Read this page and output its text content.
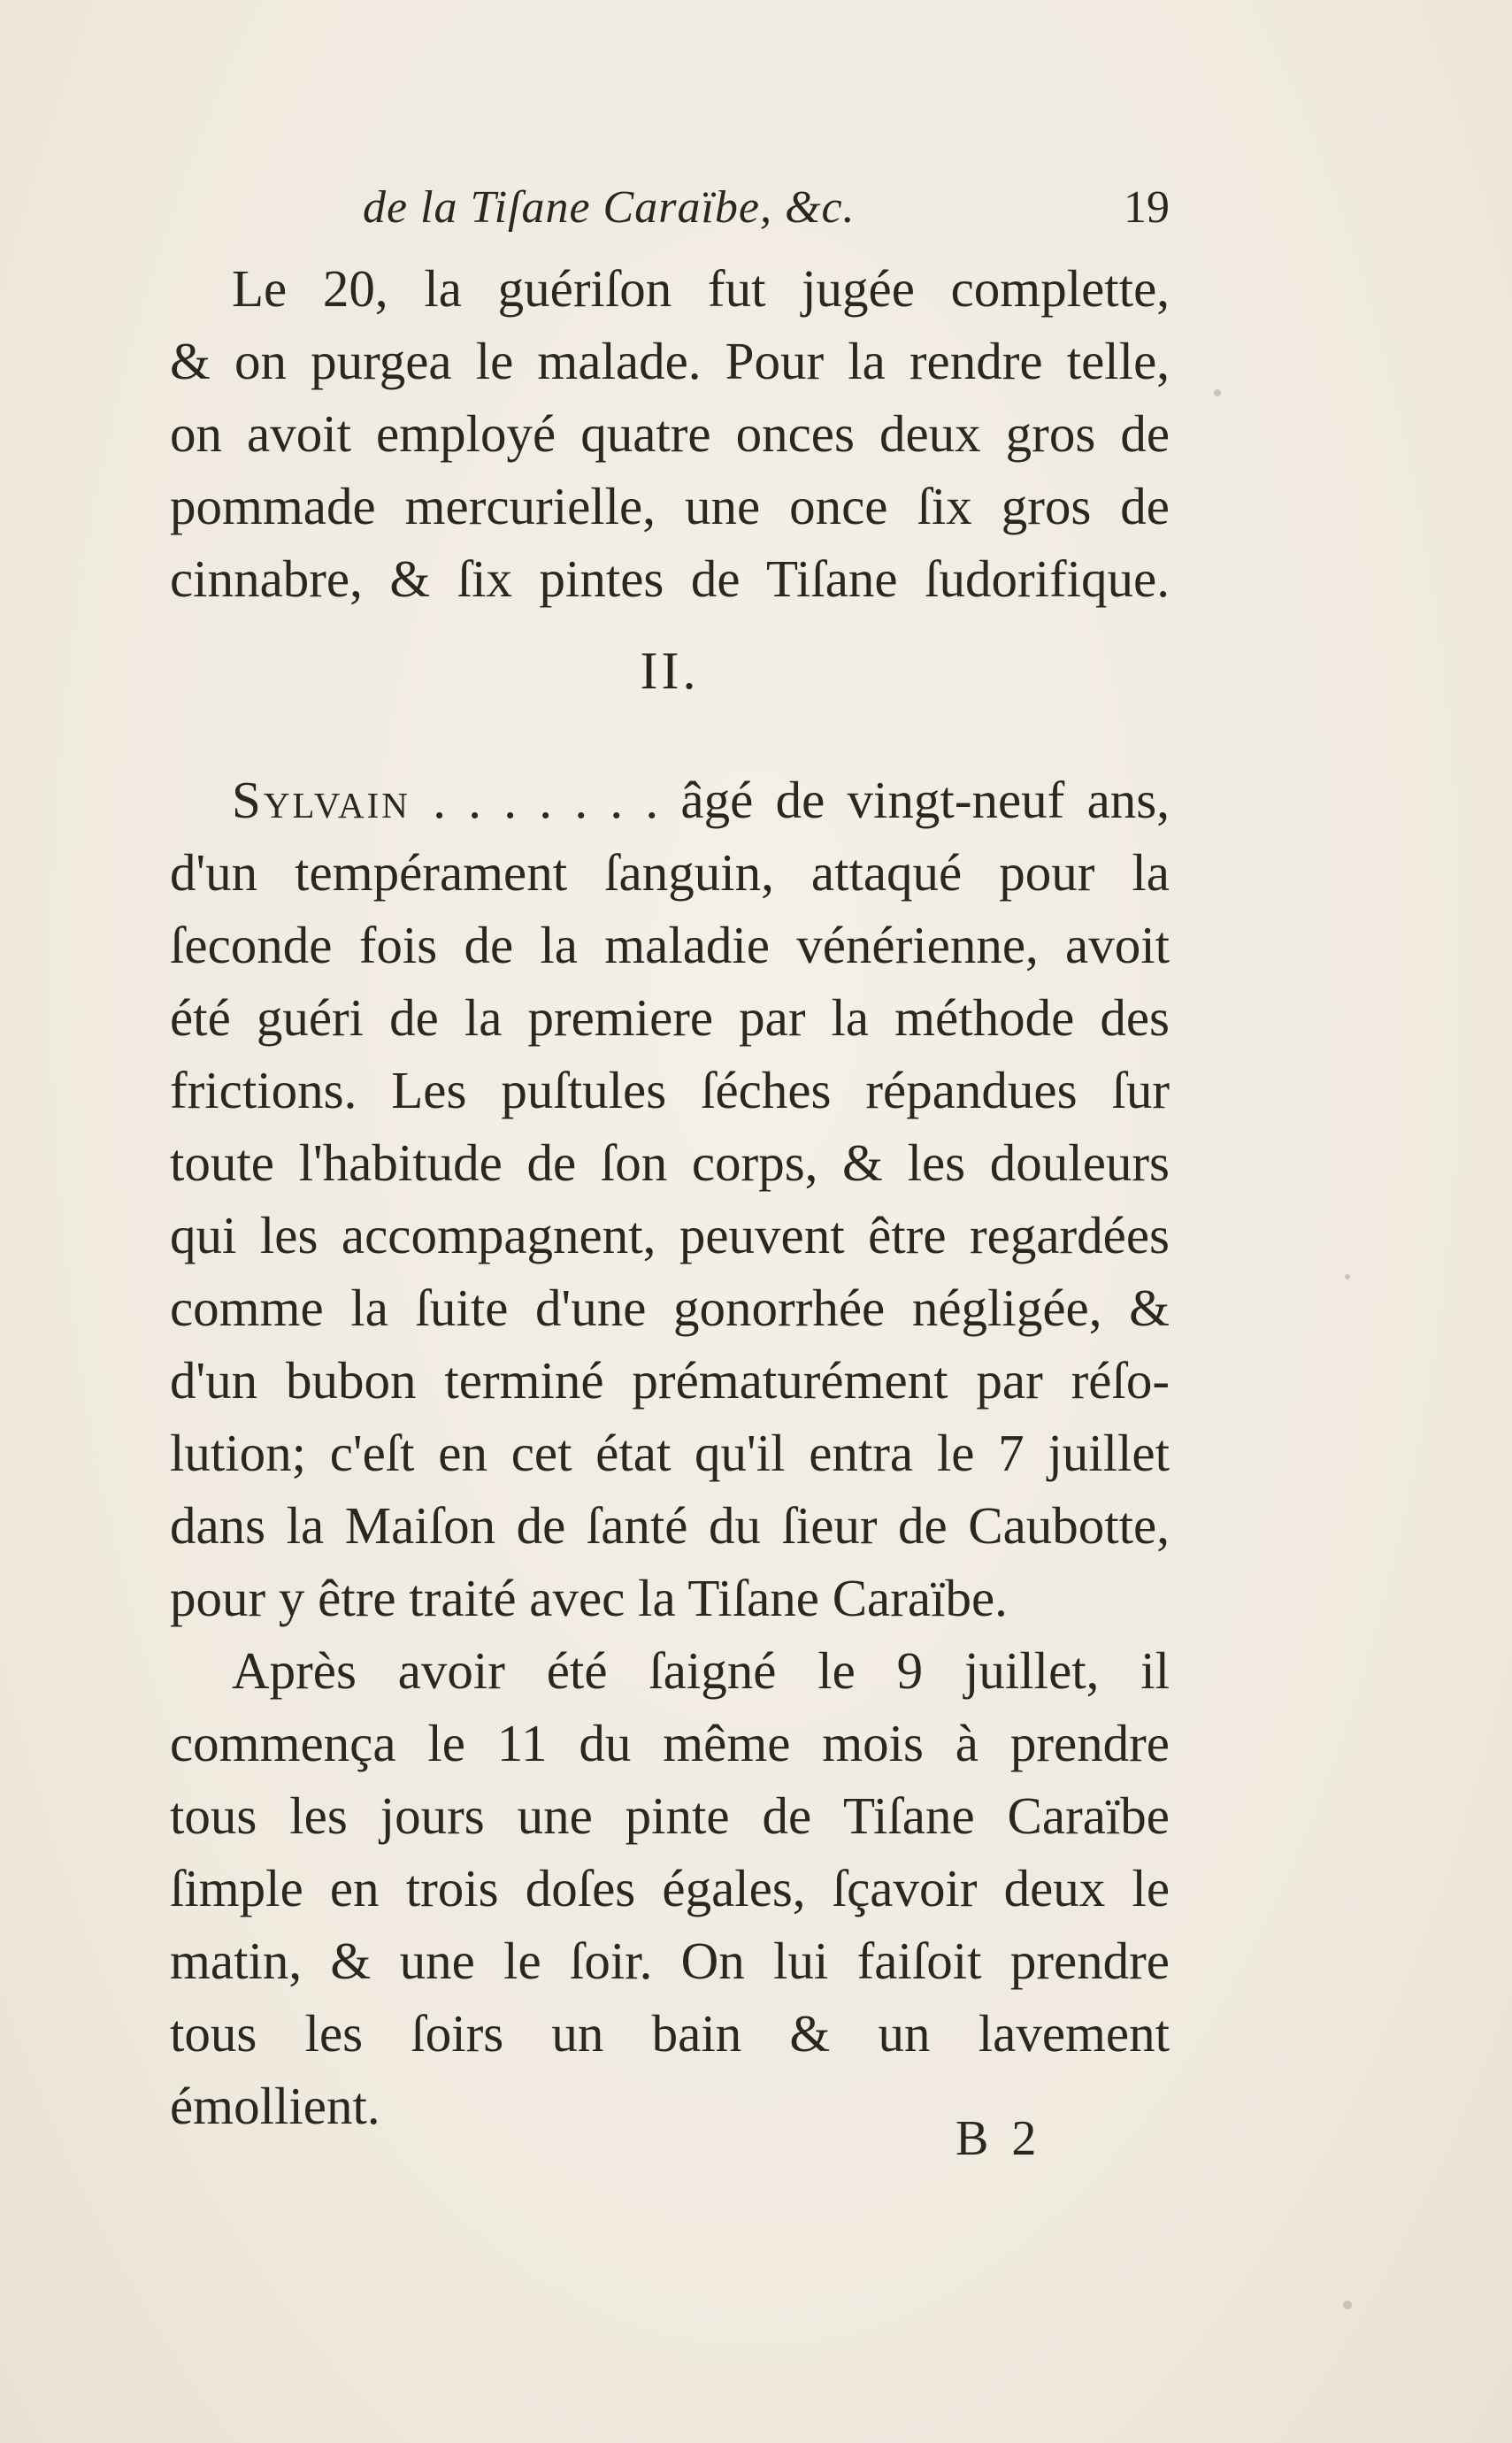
de la Tiſane Caraïbe, &c.	19
Le 20, la guériſon fut jugée complette,
& on purgea le malade. Pour la rendre telle,
on avoit employé quatre onces deux gros de
pommade mercurielle, une once ſix gros de
cinnabre, & ſix pintes de Tiſane ſudorifique.
II.
Sylvain . . . . . . . âgé de vingt-neuf ans,
d'un tempérament ſanguin, attaqué pour la
ſeconde fois de la maladie vénérienne, avoit
été guéri de la premiere par la méthode des
frictions. Les puſtules ſéches répandues ſur
toute l'habitude de ſon corps, & les douleurs
qui les accompagnent, peuvent être regardées
comme la ſuite d'une gonorrhée négligée, &
d'un bubon terminé prématurément par réſo-
lution; c'eſt en cet état qu'il entra le 7 juillet
dans la Maiſon de ſanté du ſieur de Caubotte,
pour y être traité avec la Tiſane Caraïbe.
Après avoir été ſaigné le 9 juillet, il
commença le 11 du même mois à prendre
tous les jours une pinte de Tiſane Caraïbe
ſimple en trois doſes égales, ſçavoir deux le
matin, & une le ſoir. On lui faiſoit prendre
tous les ſoirs un bain & un lavement
émollient.
B 2
